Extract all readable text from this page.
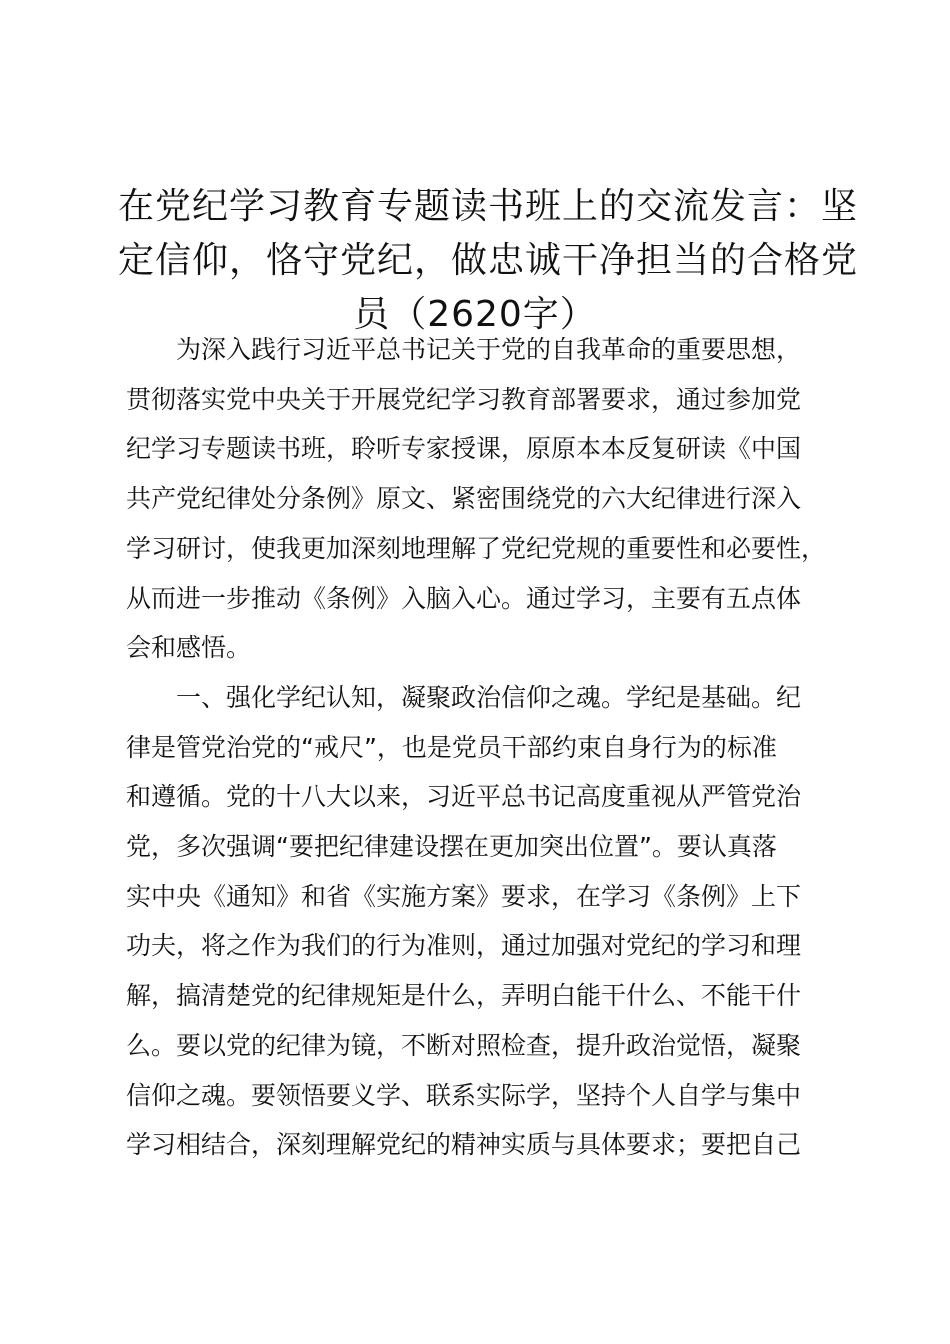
在党纪学习教育专题读书班上的交流发言：坚
定信仰，恪守党纪，做忠诚干净担当的合格党
员（2620字）

为深入践行习近平总书记关于党的自我革命的重要思想，
贯彻落实党中央关于开展党纪学习教育部署要求，通过参加党
纪学习专题读书班，聆听专家授课，原原本本反复研读《中国
共产党纪律处分条例》原文、紧密围绕党的六大纪律进行深入
学习研讨，使我更加深刻地理解了党纪党规的重要性和必要性，
从而进一步推动《条例》入脑入心。通过学习，主要有五点体
会和感悟。

一、强化学纪认知，凝聚政治信仰之魂。学纪是基础。纪
律是管党治党的“戒尺”，也是党员干部约束自身行为的标准
和遵循。党的十八大以来，习近平总书记高度重视从严管党治
党，多次强调“要把纪律建设摆在更加突出位置”。要认真落
实中央《通知》和省《实施方案》要求，在学习《条例》上下
功夫，将之作为我们的行为准则，通过加强对党纪的学习和理
解，搞清楚党的纪律规矩是什么，弄明白能干什么、不能干什
么。要以党的纪律为镜，不断对照检查，提升政治觉悟，凝聚
信仰之魂。要领悟要义学、联系实际学，坚持个人自学与集中
学习相结合，深刻理解党纪的精神实质与具体要求；要把自己
